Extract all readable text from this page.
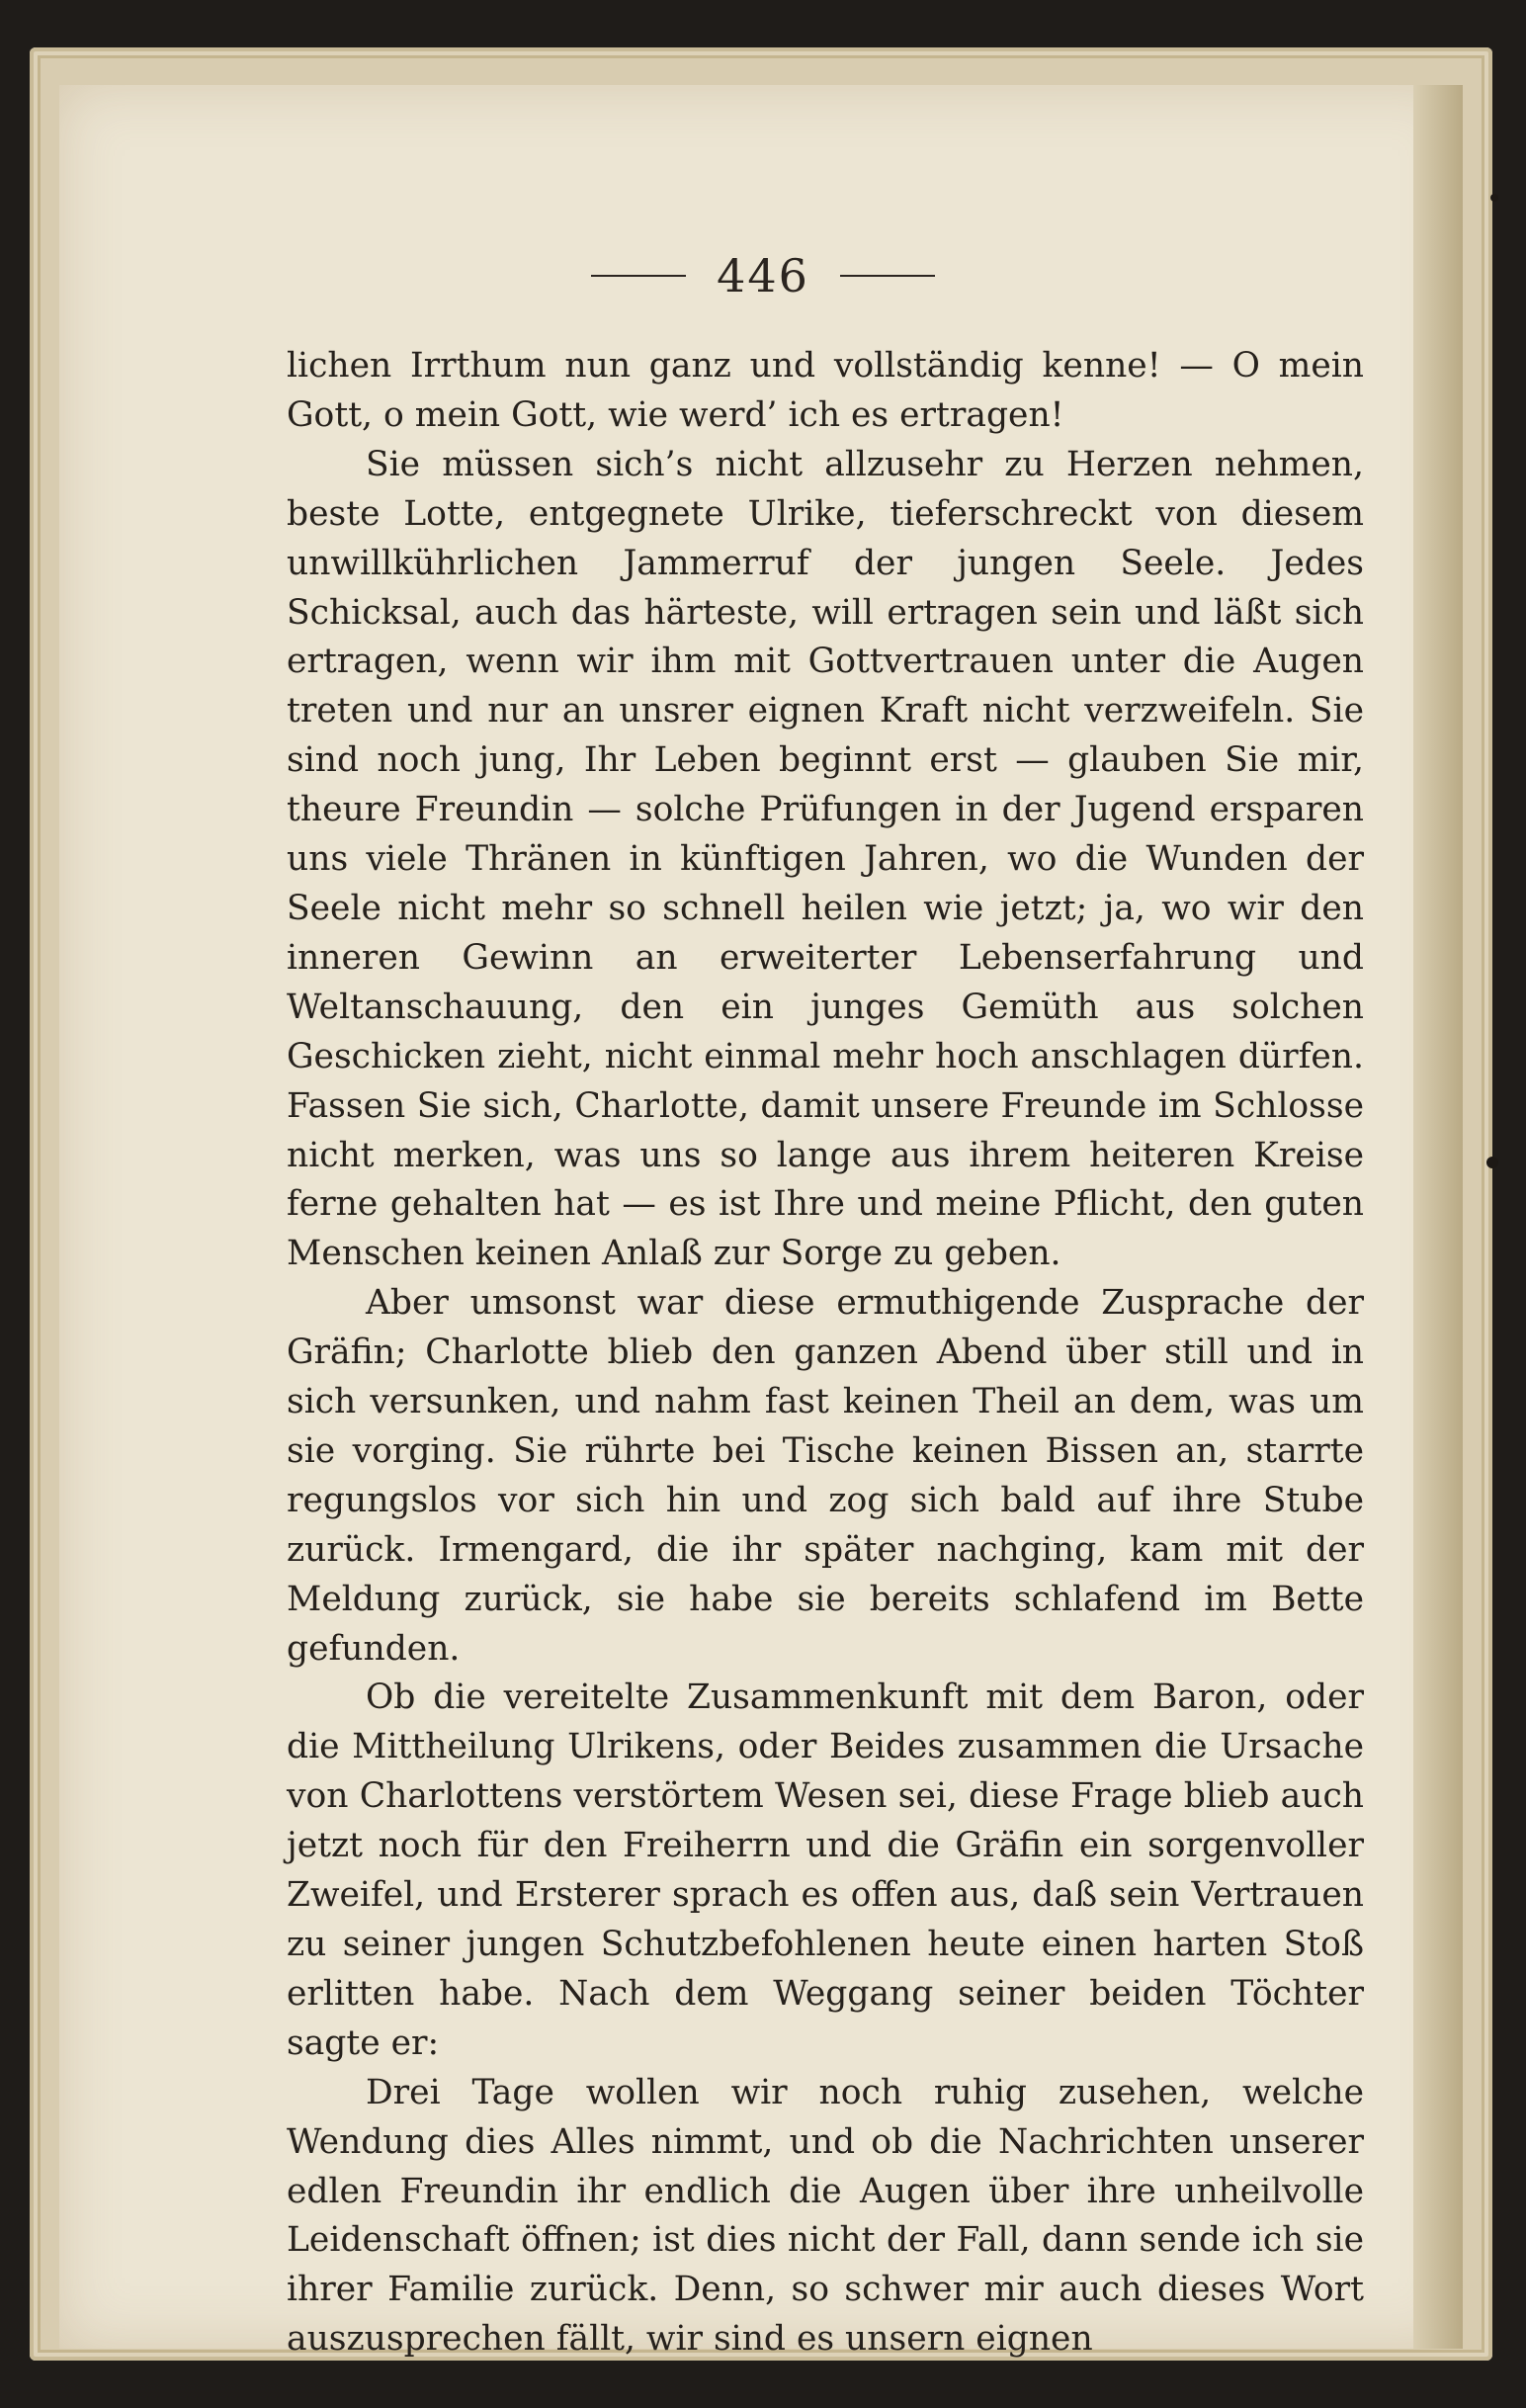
446

lichen Irrthum nun ganz und vollständig kenne! — O mein Gott, o mein Gott, wie werd’ ich es ertragen!

Sie müssen sich’s nicht allzusehr zu Herzen nehmen, beste Lotte, entgegnete Ulrike, tieferschreckt von diesem unwillkührlichen Jammerruf der jungen Seele. Jedes Schicksal, auch das härteste, will ertragen sein und läßt sich ertragen, wenn wir ihm mit Gottvertrauen unter die Augen treten und nur an unsrer eignen Kraft nicht verzweifeln. Sie sind noch jung, Ihr Leben beginnt erst — glauben Sie mir, theure Freundin — solche Prüfungen in der Jugend ersparen uns viele Thränen in künftigen Jahren, wo die Wunden der Seele nicht mehr so schnell heilen wie jetzt; ja, wo wir den inneren Gewinn an erweiterter Lebenserfahrung und Weltanschauung, den ein junges Gemüth aus solchen Geschicken zieht, nicht einmal mehr hoch anschlagen dürfen. Fassen Sie sich, Charlotte, damit unsere Freunde im Schlosse nicht merken, was uns so lange aus ihrem heiteren Kreise ferne gehalten hat — es ist Ihre und meine Pflicht, den guten Menschen keinen Anlaß zur Sorge zu geben.

Aber umsonst war diese ermuthigende Zusprache der Gräfin; Charlotte blieb den ganzen Abend über still und in sich versunken, und nahm fast keinen Theil an dem, was um sie vorging. Sie rührte bei Tische keinen Bissen an, starrte regungslos vor sich hin und zog sich bald auf ihre Stube zurück. Irmengard, die ihr später nachging, kam mit der Meldung zurück, sie habe sie bereits schlafend im Bette gefunden.

Ob die vereitelte Zusammenkunft mit dem Baron, oder die Mittheilung Ulrikens, oder Beides zusammen die Ursache von Charlottens verstörtem Wesen sei, diese Frage blieb auch jetzt noch für den Freiherrn und die Gräfin ein sorgenvoller Zweifel, und Ersterer sprach es offen aus, daß sein Vertrauen zu seiner jungen Schutzbefohlenen heute einen harten Stoß erlitten habe. Nach dem Weggang seiner beiden Töchter sagte er:

Drei Tage wollen wir noch ruhig zusehen, welche Wendung dies Alles nimmt, und ob die Nachrichten unserer edlen Freundin ihr endlich die Augen über ihre unheilvolle Leidenschaft öffnen; ist dies nicht der Fall, dann sende ich sie ihrer Familie zurück. Denn, so schwer mir auch dieses Wort auszusprechen fällt, wir sind es unsern eignen
